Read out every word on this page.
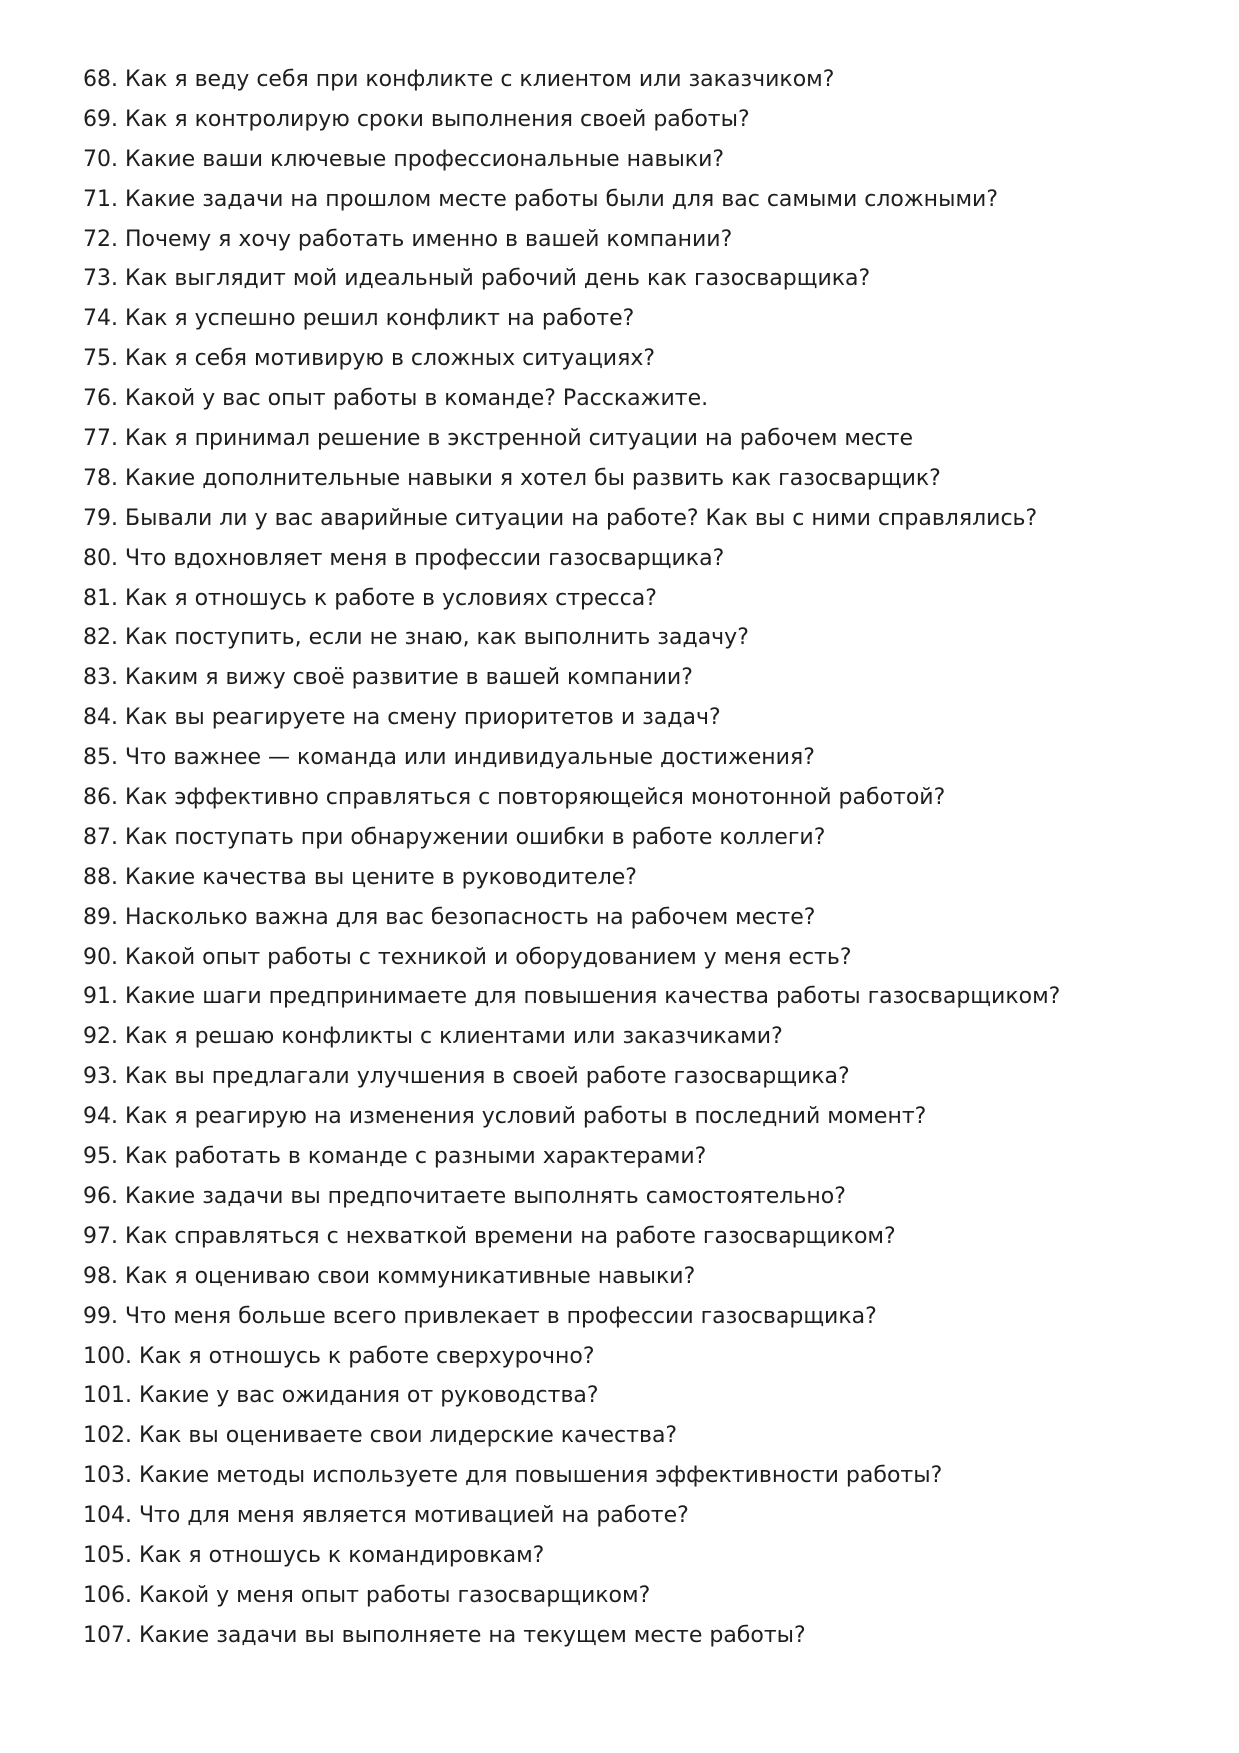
68. Как я веду себя при конфликте с клиентом или заказчиком?
69. Как я контролирую сроки выполнения своей работы?
70. Какие ваши ключевые профессиональные навыки?
71. Какие задачи на прошлом месте работы были для вас самыми сложными?
72. Почему я хочу работать именно в вашей компании?
73. Как выглядит мой идеальный рабочий день как газосварщика?
74. Как я успешно решил конфликт на работе?
75. Как я себя мотивирую в сложных ситуациях?
76. Какой у вас опыт работы в команде? Расскажите.
77. Как я принимал решение в экстренной ситуации на рабочем месте
78. Какие дополнительные навыки я хотел бы развить как газосварщик?
79. Бывали ли у вас аварийные ситуации на работе? Как вы с ними справлялись?
80. Что вдохновляет меня в профессии газосварщика?
81. Как я отношусь к работе в условиях стресса?
82. Как поступить, если не знаю, как выполнить задачу?
83. Каким я вижу своё развитие в вашей компании?
84. Как вы реагируете на смену приоритетов и задач?
85. Что важнее — команда или индивидуальные достижения?
86. Как эффективно справляться с повторяющейся монотонной работой?
87. Как поступать при обнаружении ошибки в работе коллеги?
88. Какие качества вы цените в руководителе?
89. Насколько важна для вас безопасность на рабочем месте?
90. Какой опыт работы с техникой и оборудованием у меня есть?
91. Какие шаги предпринимаете для повышения качества работы газосварщиком?
92. Как я решаю конфликты с клиентами или заказчиками?
93. Как вы предлагали улучшения в своей работе газосварщика?
94. Как я реагирую на изменения условий работы в последний момент?
95. Как работать в команде с разными характерами?
96. Какие задачи вы предпочитаете выполнять самостоятельно?
97. Как справляться с нехваткой времени на работе газосварщиком?
98. Как я оцениваю свои коммуникативные навыки?
99. Что меня больше всего привлекает в профессии газосварщика?
100. Как я отношусь к работе сверхурочно?
101. Какие у вас ожидания от руководства?
102. Как вы оцениваете свои лидерские качества?
103. Какие методы используете для повышения эффективности работы?
104. Что для меня является мотивацией на работе?
105. Как я отношусь к командировкам?
106. Какой у меня опыт работы газосварщиком?
107. Какие задачи вы выполняете на текущем месте работы?
